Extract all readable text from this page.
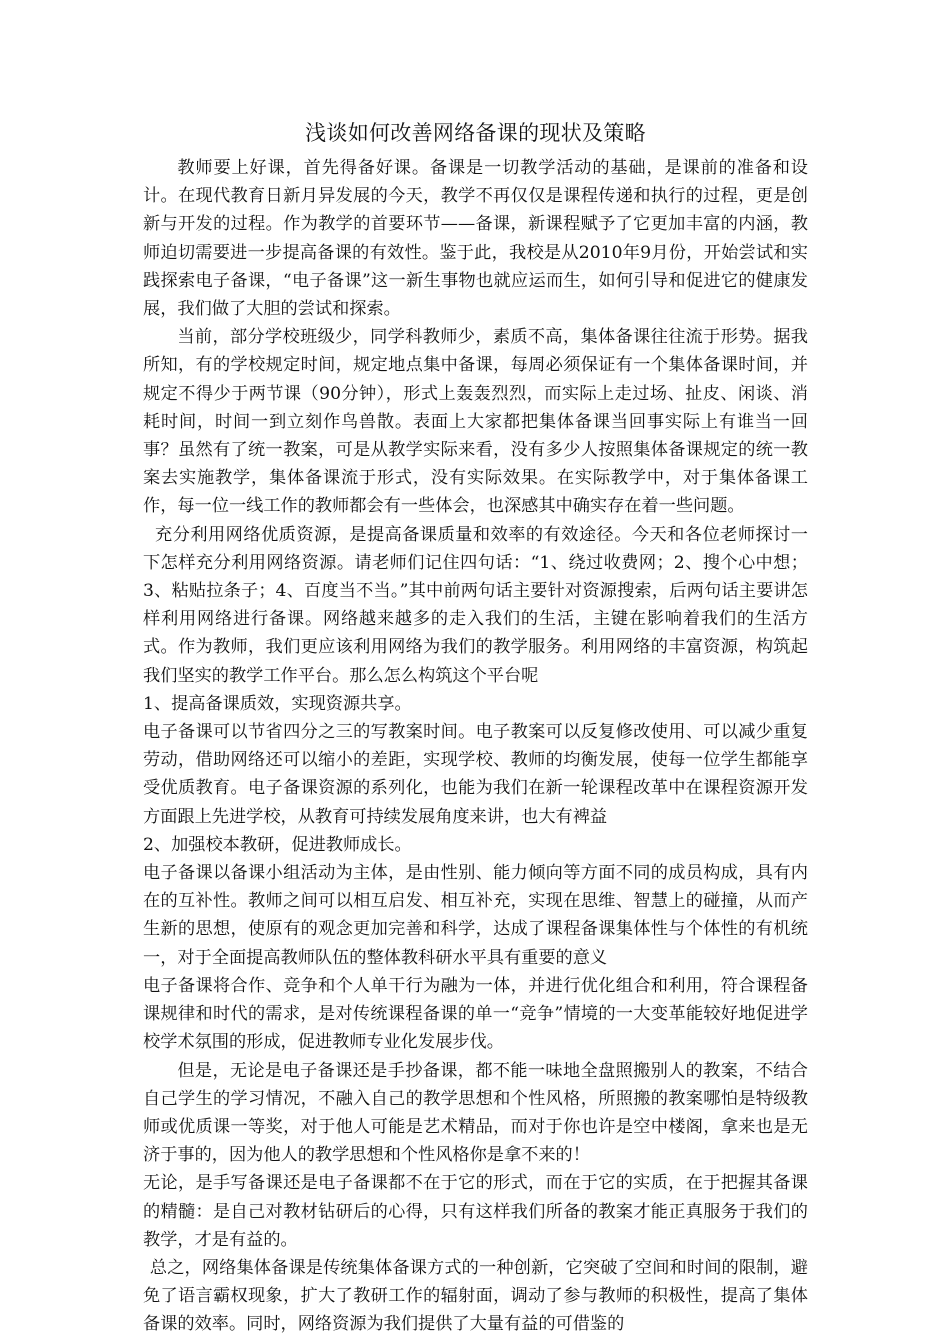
浅谈如何改善网络备课的现状及策略

教师要上好课，首先得备好课。备课是一切教学活动的基础，是课前的准备和设计。在现代教育日新月异发展的今天，教学不再仅仅是课程传递和执行的过程，更是创新与开发的过程。作为教学的首要环节——备课，新课程赋予了它更加丰富的内涵，教师迫切需要进一步提高备课的有效性。鉴于此，我校是从2010年9月份，开始尝试和实践探索电子备课，“电子备课”这一新生事物也就应运而生，如何引导和促进它的健康发展，我们做了大胆的尝试和探索。

当前，部分学校班级少，同学科教师少，素质不高，集体备课往往流于形势。据我所知，有的学校规定时间，规定地点集中备课，每周必须保证有一个集体备课时间，并规定不得少于两节课（90分钟），形式上轰轰烈烈，而实际上走过场、扯皮、闲谈、消耗时间，时间一到立刻作鸟兽散。表面上大家都把集体备课当回事实际上有谁当一回事？虽然有了统一教案，可是从教学实际来看，没有多少人按照集体备课规定的统一教案去实施教学，集体备课流于形式，没有实际效果。在实际教学中，对于集体备课工作，每一位一线工作的教师都会有一些体会，也深感其中确实存在着一些问题。

充分利用网络优质资源，是提高备课质量和效率的有效途径。今天和各位老师探讨一下怎样充分利用网络资源。请老师们记住四句话：“1、绕过收费网；2、搜个心中想；3、粘贴拉条子；4、百度当不当。”其中前两句话主要针对资源搜索，后两句话主要讲怎样利用网络进行备课。网络越来越多的走入我们的生活，主键在影响着我们的生活方式。作为教师，我们更应该利用网络为我们的教学服务。利用网络的丰富资源，构筑起我们坚实的教学工作平台。那么怎么构筑这个平台呢

1、提高备课质效，实现资源共享。

电子备课可以节省四分之三的写教案时间。电子教案可以反复修改使用、可以减少重复劳动，借助网络还可以缩小的差距，实现学校、教师的均衡发展，使每一位学生都能享受优质教育。电子备课资源的系列化，也能为我们在新一轮课程改革中在课程资源开发方面跟上先进学校，从教育可持续发展角度来讲，也大有裨益

2、加强校本教研，促进教师成长。

电子备课以备课小组活动为主体，是由性别、能力倾向等方面不同的成员构成，具有内在的互补性。教师之间可以相互启发、相互补充，实现在思维、智慧上的碰撞，从而产生新的思想，使原有的观念更加完善和科学，达成了课程备课集体性与个体性的有机统一，对于全面提高教师队伍的整体教科研水平具有重要的意义

电子备课将合作、竞争和个人单干行为融为一体，并进行优化组合和利用，符合课程备课规律和时代的需求，是对传统课程备课的单一“竞争”情境的一大变革能较好地促进学校学术氛围的形成，促进教师专业化发展步伐。

但是，无论是电子备课还是手抄备课，都不能一味地全盘照搬别人的教案，不结合自己学生的学习情况，不融入自己的教学思想和个性风格，所照搬的教案哪怕是特级教师或优质课一等奖，对于他人可能是艺术精品，而对于你也许是空中楼阁，拿来也是无济于事的，因为他人的教学思想和个性风格你是拿不来的！

无论，是手写备课还是电子备课都不在于它的形式，而在于它的实质，在于把握其备课的精髓：是自己对教材钻研后的心得，只有这样我们所备的教案才能正真服务于我们的教学，才是有益的。

总之，网络集体备课是传统集体备课方式的一种创新，它突破了空间和时间的限制，避免了语言霸权现象，扩大了教研工作的辐射面，调动了参与教师的积极性，提高了集体备课的效率。同时，网络资源为我们提供了大量有益的可借鉴的
